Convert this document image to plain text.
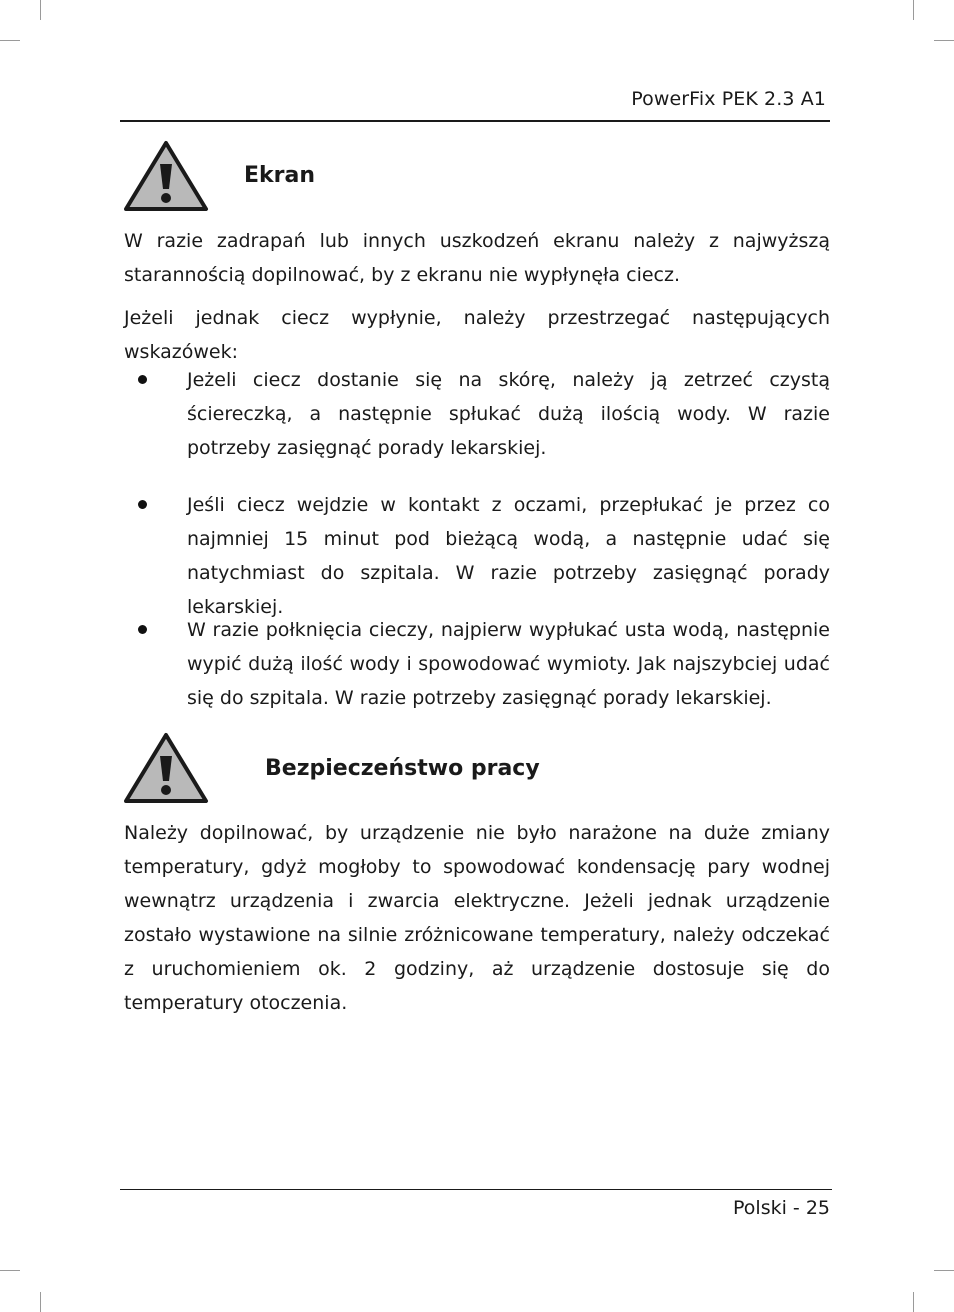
PowerFix PEK 2.3 A1
Ekran

W razie zadrapań lub innych uszkodzeń ekranu należy z najwyższą starannością dopilnować, by z ekranu nie wypłynęła ciecz.

Jeżeli jednak ciecz wypłynie, należy przestrzegać następujących wskazówek:

Jeżeli ciecz dostanie się na skórę, należy ją zetrzeć czystą ściereczką, a następnie spłukać dużą ilością wody. W razie potrzeby zasięgnąć porady lekarskiej.

Jeśli ciecz wejdzie w kontakt z oczami, przepłukać je przez co najmniej 15 minut pod bieżącą wodą, a następnie udać się natychmiast do szpitala. W razie potrzeby zasięgnąć porady lekarskiej.

W razie połknięcia cieczy, najpierw wypłukać usta wodą, następnie wypić dużą ilość wody i spowodować wymioty. Jak najszybciej udać się do szpitala. W razie potrzeby zasięgnąć porady lekarskiej.

Bezpieczeństwo pracy

Należy dopilnować, by urządzenie nie było narażone na duże zmiany temperatury, gdyż mogłoby to spowodować kondensację pary wodnej wewnątrz urządzenia i zwarcia elektryczne. Jeżeli jednak urządzenie zostało wystawione na silnie zróżnicowane temperatury, należy odczekać z uruchomieniem ok. 2 godziny, aż urządzenie dostosuje się do temperatury otoczenia.

Polski - 25
